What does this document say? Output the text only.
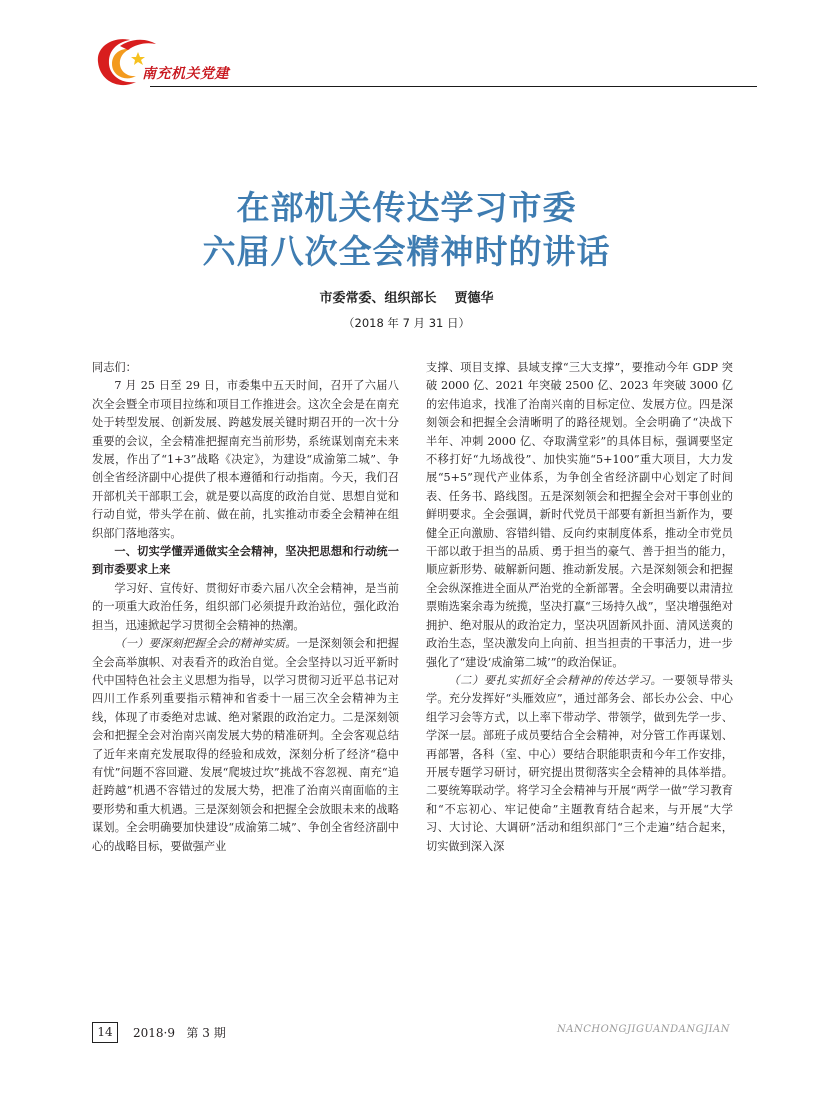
南充机关党建
在部机关传达学习市委
六届八次全会精神时的讲话
市委常委、组织部长    贾德华
（2018 年 7 月 31 日）

同志们：

7 月 25 日至 29 日，市委集中五天时间，召开了六届八次全会暨全市项目拉练和项目工作推进会。这次全会是在南充处于转型发展、创新发展、跨越发展关键时期召开的一次十分重要的会议，全会精准把握南充当前形势，系统谋划南充未来发展，作出了“1+3”战略《决定》，为建设“成渝第二城”、争创全省经济副中心提供了根本遵循和行动指南。今天，我们召开部机关干部职工会，就是要以高度的政治自觉、思想自觉和行动自觉，带头学在前、做在前，扎实推动市委全会精神在组织部门落地落实。

一、切实学懂弄通做实全会精神，坚决把思想和行动统一到市委要求上来

学习好、宣传好、贯彻好市委六届八次全会精神，是当前的一项重大政治任务，组织部门必须提升政治站位，强化政治担当，迅速掀起学习贯彻全会精神的热潮。

（一）要深刻把握全会的精神实质。一是深刻领会和把握全会高举旗帜、对表看齐的政治自觉。全会坚持以习近平新时代中国特色社会主义思想为指导，以学习贯彻习近平总书记对四川工作系列重要指示精神和省委十一届三次全会精神为主线，体现了市委绝对忠诚、绝对紧跟的政治定力。二是深刻领会和把握全会对治南兴南发展大势的精准研判。全会客观总结了近年来南充发展取得的经验和成效，深刻分析了经济“稳中有忧”问题不容回避、发展“爬坡过坎”挑战不容忽视、南充“追赶跨越”机遇不容错过的发展大势，把准了治南兴南面临的主要形势和重大机遇。三是深刻领会和把握全会放眼未来的战略谋划。全会明确要加快建设“成渝第二城”、争创全省经济副中心的战略目标，要做强产业

支撑、项目支撑、县域支撑“三大支撑”，要推动今年 GDP 突破 2000 亿、2021 年突破 2500 亿、2023 年突破 3000 亿的宏伟追求，找准了治南兴南的目标定位、发展方位。四是深刻领会和把握全会清晰明了的路径规划。全会明确了“决战下半年、冲刺 2000 亿、夺取满堂彩”的具体目标，强调要坚定不移打好“九场战役”、加快实施“5+100”重大项目，大力发展“5+5”现代产业体系，为争创全省经济副中心划定了时间表、任务书、路线图。五是深刻领会和把握全会对干事创业的鲜明要求。全会强调，新时代党员干部要有新担当新作为，要健全正向激励、容错纠错、反向约束制度体系，推动全市党员干部以敢于担当的品质、勇于担当的豪气、善于担当的能力，顺应新形势、破解新问题、推动新发展。六是深刻领会和把握全会纵深推进全面从严治党的全新部署。全会明确要以肃清拉票贿选案余毒为统揽，坚决打赢“三场持久战”，坚决增强绝对拥护、绝对服从的政治定力，坚决巩固新风扑面、清风送爽的政治生态，坚决激发向上向前、担当担责的干事活力，进一步强化了“建设‘成渝第二城’”的政治保证。

（二）要扎实抓好全会精神的传达学习。一要领导带头学。充分发挥好“头雁效应”，通过部务会、部长办公会、中心组学习会等方式，以上率下带动学、带领学，做到先学一步、学深一层。部班子成员要结合全会精神，对分管工作再谋划、再部署，各科（室、中心）要结合职能职责和今年工作安排，开展专题学习研讨，研究提出贯彻落实全会精神的具体举措。二要统筹联动学。将学习全会精神与开展“两学一做”学习教育和“不忘初心、牢记使命”主题教育结合起来，与开展“大学习、大讨论、大调研”活动和组织部门“三个走遍”结合起来，切实做到深入深

14	2018·9   第 3 期	NANCHONGJIGUANDANGJIAN
